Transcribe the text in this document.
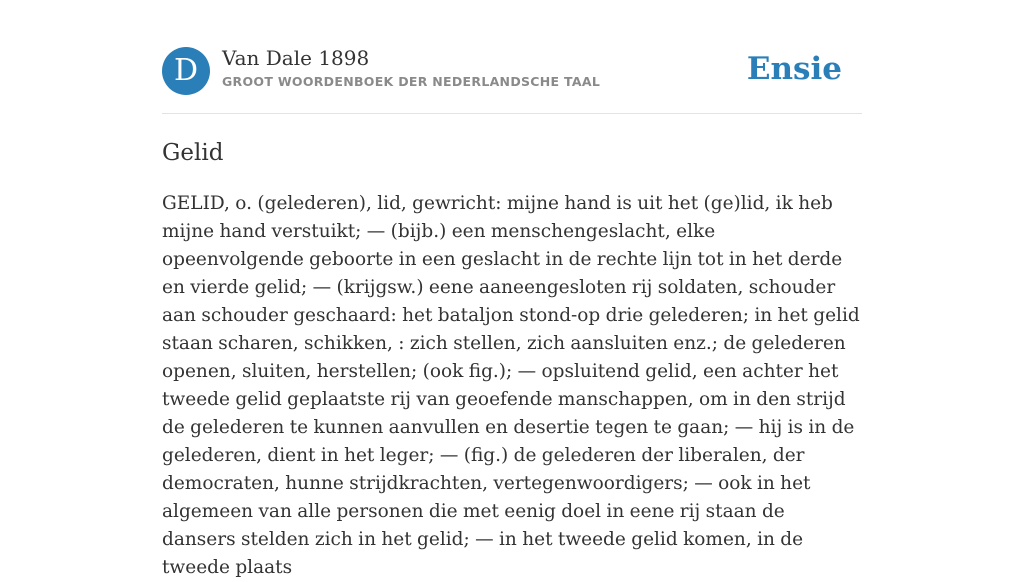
D	Van Dale 1898
GROOT WOORDENBOEK DER NEDERLANDSCHE TAAL	Ensie
Gelid

GELID, o. (gelederen), lid, gewricht: mijne hand is uit het (ge)lid, ik heb mijne hand verstuikt; — (bijb.) een menschengeslacht, elke opeenvolgende geboorte in een geslacht in de rechte lijn tot in het derde en vierde gelid; — (krijgsw.) eene aaneengesloten rij soldaten, schouder aan schouder geschaard: het bataljon stond-op drie gelederen; in het gelid staan scharen, schikken, : zich stellen, zich aansluiten enz.; de gelederen openen, sluiten, herstellen; (ook fig.); — opsluitend gelid, een achter het tweede gelid geplaatste rij van geoefende manschappen, om in den strijd de gelederen te kunnen aanvullen en desertie tegen te gaan; — hij is in de gelederen, dient in het leger; — (fig.) de gelederen der liberalen, der democraten, hunne strijdkrachten, vertegenwoordigers; — ook in het algemeen van alle personen die met eenig doel in eene rij staan de dansers stelden zich in het gelid; — in het tweede gelid komen, in de tweede plaats
